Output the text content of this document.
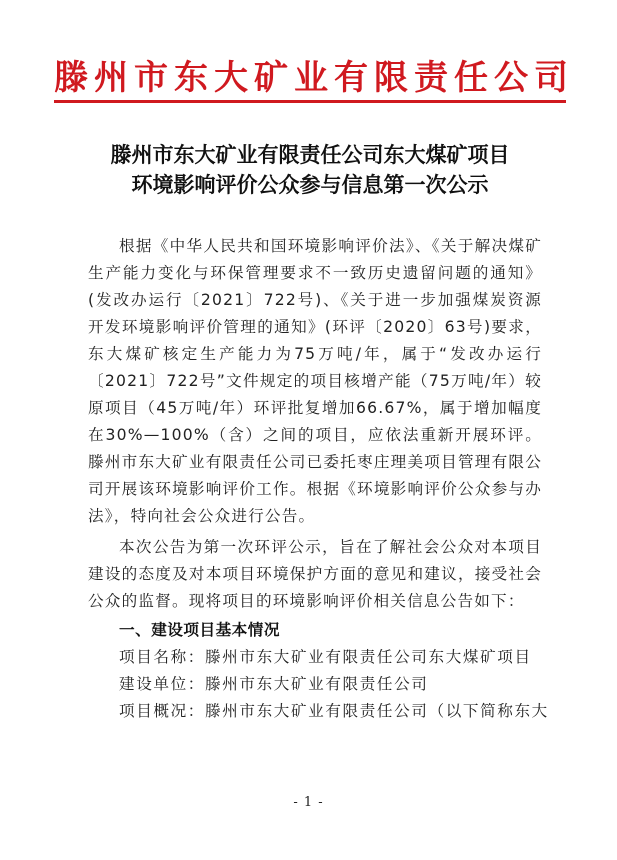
滕州市东大矿业有限责任公司
滕州市东大矿业有限责任公司东大煤矿项目
环境影响评价公众参与信息第一次公示

根据《中华人民共和国环境影响评价法》、《关于解决煤矿生产能力变化与环保管理要求不一致历史遗留问题的通知》(发改办运行〔2021〕722号)、《关于进一步加强煤炭资源开发环境影响评价管理的通知》(环评〔2020〕63号)要求，东大煤矿核定生产能力为75万吨/年，属于“发改办运行〔2021〕722号”文件规定的项目核增产能（75万吨/年）较原项目（45万吨/年）环评批复增加66.67%，属于增加幅度在30%—100%（含）之间的项目，应依法重新开展环评。滕州市东大矿业有限责任公司已委托枣庄理美项目管理有限公司开展该环境影响评价工作。根据《环境影响评价公众参与办法》，特向社会公众进行公告。

本次公告为第一次环评公示，旨在了解社会公众对本项目建设的态度及对本项目环境保护方面的意见和建议，接受社会公众的监督。现将项目的环境影响评价相关信息公告如下：

一、建设项目基本情况
项目名称：滕州市东大矿业有限责任公司东大煤矿项目
建设单位：滕州市东大矿业有限责任公司
项目概况：滕州市东大矿业有限责任公司（以下简称东大
- 1 -
